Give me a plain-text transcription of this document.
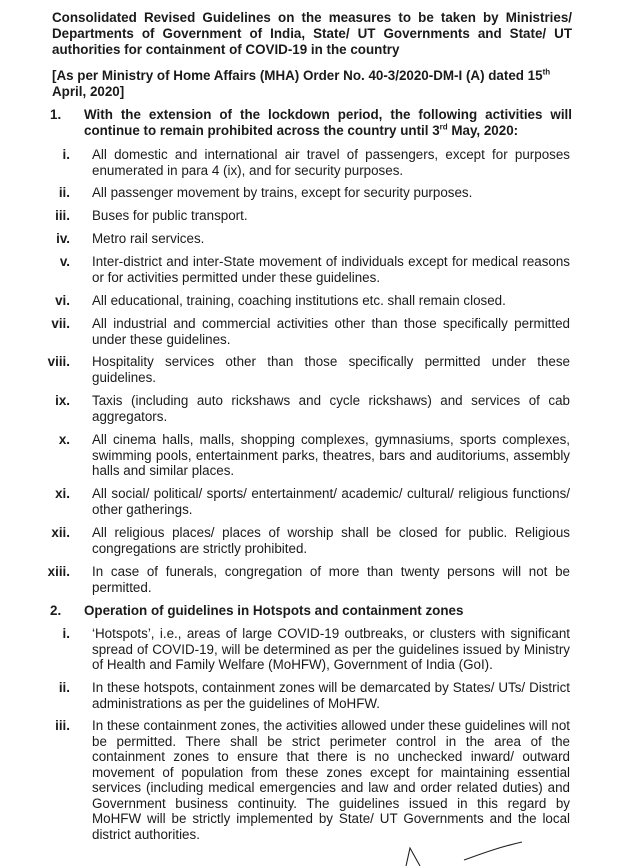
Consolidated Revised Guidelines on the measures to be taken by Ministries/ Departments of Government of India, State/ UT Governments and State/ UT authorities for containment of COVID-19 in the country
[As per Ministry of Home Affairs (MHA) Order No. 40-3/2020-DM-I (A) dated 15th April, 2020]
1.	With the extension of the lockdown period, the following activities will continue to remain prohibited across the country until 3rd May, 2020:
i. All domestic and international air travel of passengers, except for purposes enumerated in para 4 (ix), and for security purposes.
ii. All passenger movement by trains, except for security purposes.
iii. Buses for public transport.
iv. Metro rail services.
v. Inter-district and inter-State movement of individuals except for medical reasons or for activities permitted under these guidelines.
vi. All educational, training, coaching institutions etc. shall remain closed.
vii. All industrial and commercial activities other than those specifically permitted under these guidelines.
viii. Hospitality services other than those specifically permitted under these guidelines.
ix. Taxis (including auto rickshaws and cycle rickshaws) and services of cab aggregators.
x. All cinema halls, malls, shopping complexes, gymnasiums, sports complexes, swimming pools, entertainment parks, theatres, bars and auditoriums, assembly halls and similar places.
xi. All social/ political/ sports/ entertainment/ academic/ cultural/ religious functions/ other gatherings.
xii. All religious places/ places of worship shall be closed for public. Religious congregations are strictly prohibited.
xiii. In case of funerals, congregation of more than twenty persons will not be permitted.
2.	Operation of guidelines in Hotspots and containment zones
i. ‘Hotspots’, i.e., areas of large COVID-19 outbreaks, or clusters with significant spread of COVID-19, will be determined as per the guidelines issued by Ministry of Health and Family Welfare (MoHFW), Government of India (GoI).
ii. In these hotspots, containment zones will be demarcated by States/ UTs/ District administrations as per the guidelines of MoHFW.
iii. In these containment zones, the activities allowed under these guidelines will not be permitted. There shall be strict perimeter control in the area of the containment zones to ensure that there is no unchecked inward/ outward movement of population from these zones except for maintaining essential services (including medical emergencies and law and order related duties) and Government business continuity. The guidelines issued in this regard by MoHFW will be strictly implemented by State/ UT Governments and the local district authorities.
